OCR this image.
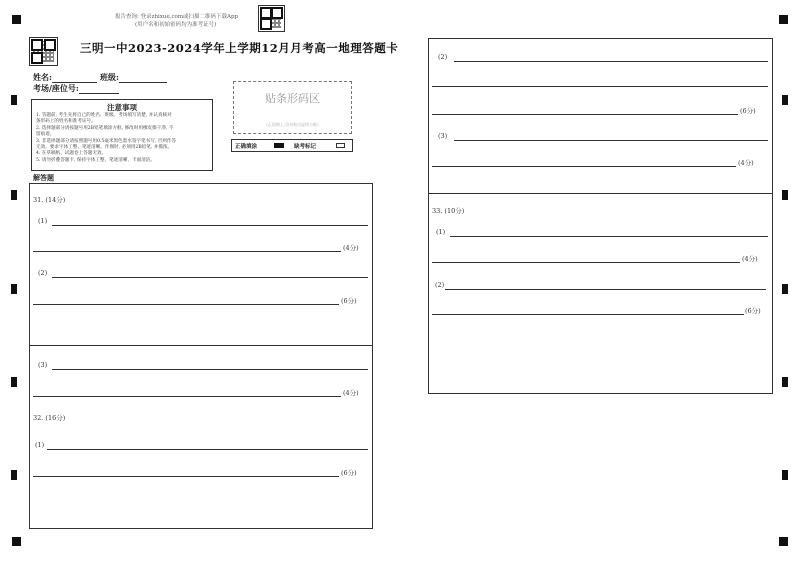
报告查询: 登录zhixue.com或扫描二维码下载App
(用户名和初始密码均为准考证号)
三明一中2023-2024学年上学期12月月考高一地理答题卡
姓名:	班级:
考场/座位号:
注意事项
1. 答题前, 考生先将自己的姓名、班级、考场填写清楚, 并认真核对
条形码上的姓名和准考证号。
2. 选择题部分请按题号用2B铅笔填涂方框, 修改时用橡皮擦干净, 不
留痕迹。
3. 非选择题部分请按照题号用0.5毫米黑色墨水签字笔书写, 否则作答
无效。要求字体工整、笔迹清晰。作图时, 必须用2B铅笔, 并描浓。
4. 在草稿纸、试题卷上答题无效。
5. 请勿折叠答题卡, 保持字体工整、笔迹清晰、卡面清洁。
贴条形码区
(正面朝上,切勿贴出虚线方框)
正确填涂	缺考标记
解答题
31. (14分)
(1)
(4分)
(2)
(6分)
(3)
(4分)
32. (16分)
(1)
(6分)
(2)
(6分)
(3)
(4分)
33. (10分)
(1)
(4分)
(2)
(6分)
